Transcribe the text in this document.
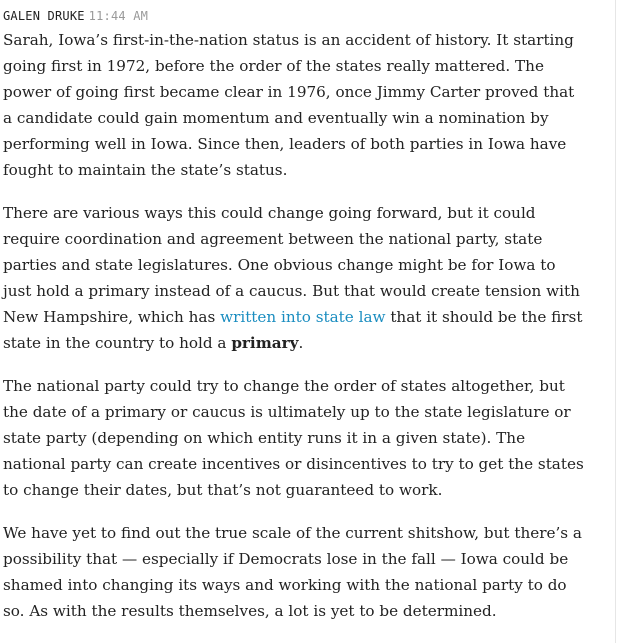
GALEN DRUKE 11:44 AM

Sarah, Iowa’s first-in-the-nation status is an accident of history. It starting going first in 1972, before the order of the states really mattered. The power of going first became clear in 1976, once Jimmy Carter proved that a candidate could gain momentum and eventually win a nomination by performing well in Iowa. Since then, leaders of both parties in Iowa have fought to maintain the state’s status.

There are various ways this could change going forward, but it could require coordination and agreement between the national party, state parties and state legislatures. One obvious change might be for Iowa to just hold a primary instead of a caucus. But that would create tension with New Hampshire, which has written into state law that it should be the first state in the country to hold a primary.

The national party could try to change the order of states altogether, but the date of a primary or caucus is ultimately up to the state legislature or state party (depending on which entity runs it in a given state). The national party can create incentives or disincentives to try to get the states to change their dates, but that’s not guaranteed to work.

We have yet to find out the true scale of the current shitshow, but there’s a possibility that — especially if Democrats lose in the fall — Iowa could be shamed into changing its ways and working with the national party to do so. As with the results themselves, a lot is yet to be determined.
